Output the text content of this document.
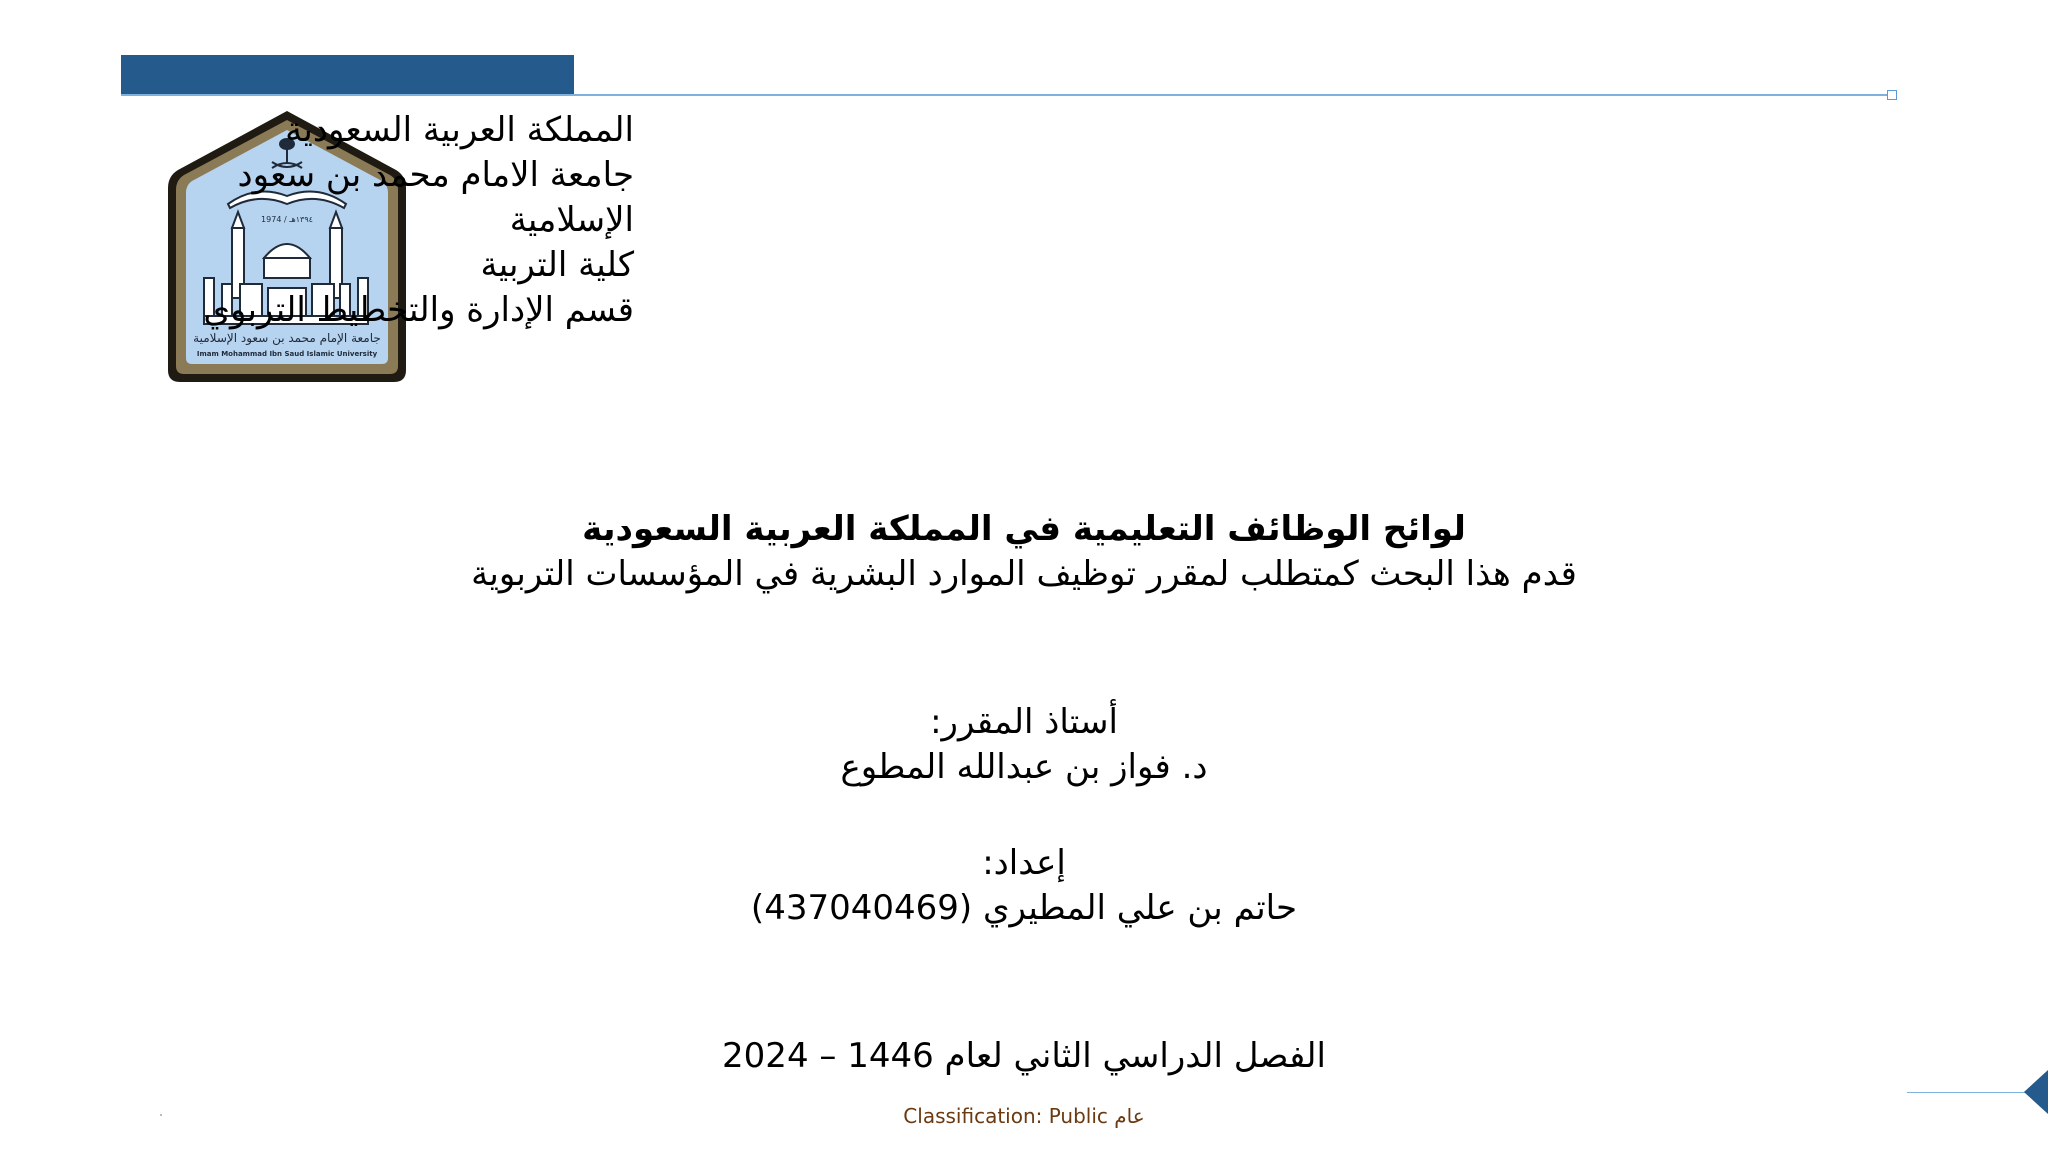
1974 / ١٣٩٤هـ
جامعة الإمام محمد بن سعود الإسلامية
Imam Mohammad Ibn Saud Islamic University
المملكة العربية السعودية
جامعة الامام محمد بن سعود
الإسلامية
كلية التربية
قسم الإدارة والتخطيط التربوي
لوائح الوظائف التعليمية في المملكة العربية السعودية
قدم هذا البحث كمتطلب لمقرر توظيف الموارد البشرية في المؤسسات التربوية
أستاذ المقرر:
د. فواز بن عبدالله المطوع
إعداد:
حاتم بن علي المطيري (437040469)
الفصل الدراسي الثاني لعام 1446 – 2024
Classification: Public عام
